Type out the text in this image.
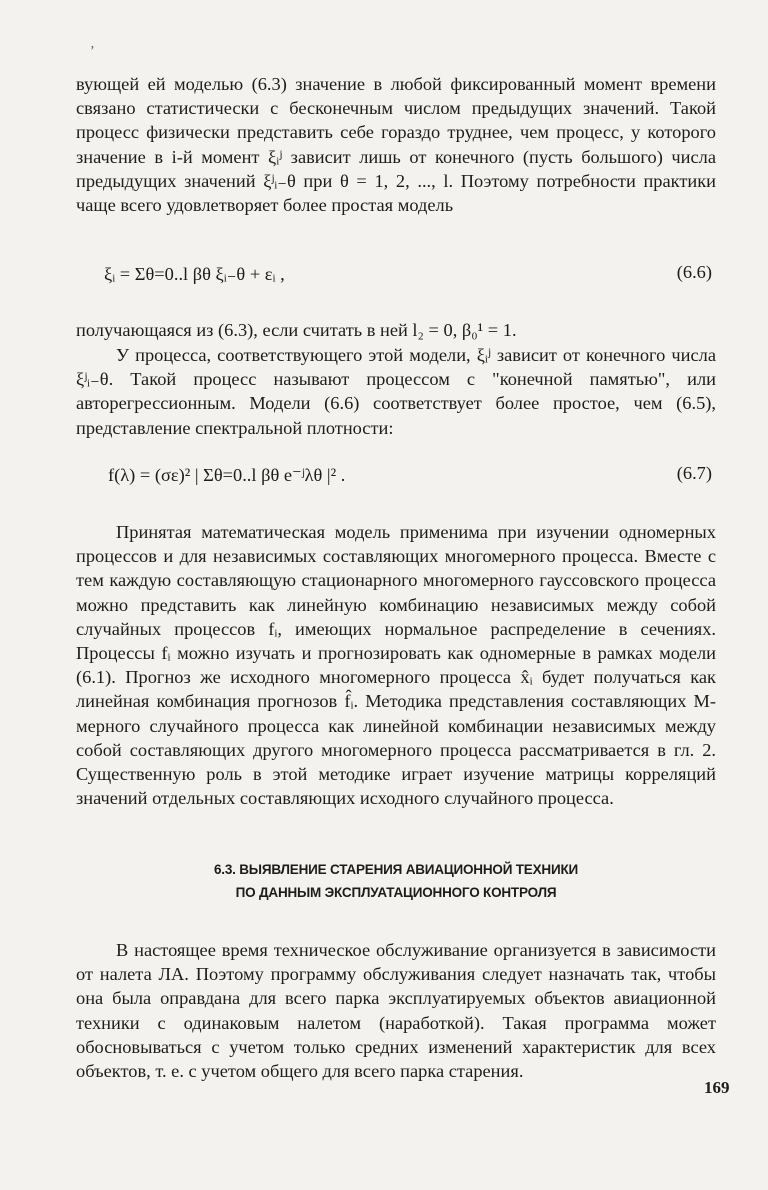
’

вующей ей моделью (6.3) значение в любой фиксированный момент времени связано статистически с бесконечным числом предыдущих значений. Такой процесс физически представить себе гораздо труднее, чем процесс, у которого значение в i-й момент ξᵢʲ зависит лишь от конечного (пусть большого) числа предыдущих значений ξʲᵢ₋θ при θ = 1, 2, ..., l. Поэтому потребности практики чаще всего удовлетворяет более простая модель

ξᵢ = Σθ=0..l βθ ξᵢ₋θ + εᵢ ,	(6.6)

получающаяся из (6.3), если считать в ней l₂ = 0, β₀¹ = 1.

У процесса, соответствующего этой модели, ξᵢʲ зависит от конечного числа ξʲᵢ₋θ. Такой процесс называют процессом с "конечной памятью", или авторегрессионным. Модели (6.6) соответствует более простое, чем (6.5), представление спектральной плотности:

f(λ) = (σε)² | Σθ=0..l βθ e⁻ʲλθ |² .	(6.7)

Принятая математическая модель применима при изучении одномерных процессов и для независимых составляющих многомерного процесса. Вместе с тем каждую составляющую стационарного многомерного гауссовского процесса можно представить как линейную комбинацию независимых между собой случайных процессов fᵢ, имеющих нормальное распределение в сечениях. Процессы fᵢ можно изучать и прогнозировать как одномерные в рамках модели (6.1). Прогноз же исходного многомерного процесса x̂ᵢ будет получаться как линейная комбинация прогнозов f̂ᵢ. Методика представления составляющих M-мерного случайного процесса как линейной комбинации независимых между собой составляющих другого многомерного процесса рассматривается в гл. 2. Существенную роль в этой методике играет изучение матрицы корреляций значений отдельных составляющих исходного случайного процесса.

6.3. ВЫЯВЛЕНИЕ СТАРЕНИЯ АВИАЦИОННОЙ ТЕХНИКИ
ПО ДАННЫМ ЭКСПЛУАТАЦИОННОГО КОНТРОЛЯ

В настоящее время техническое обслуживание организуется в зависимости от налета ЛА. Поэтому программу обслуживания следует назначать так, чтобы она была оправдана для всего парка эксплуатируемых объектов авиационной техники с одинаковым налетом (наработкой). Такая программа может обосновываться с учетом только средних изменений характеристик для всех объектов, т. е. с учетом общего для всего парка старения.

169
